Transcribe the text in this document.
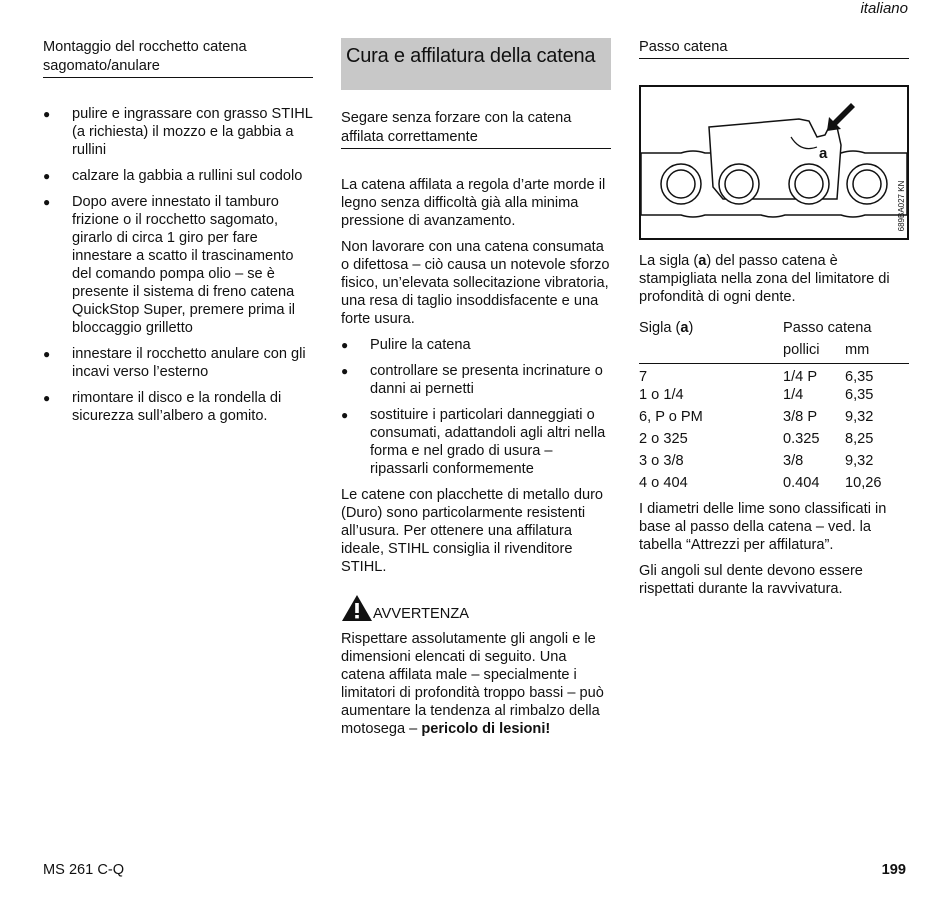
italiano
Montaggio del rocchetto catena sagomato/anulare
● pulire e ingrassare con grasso STIHL (a richiesta) il mozzo e la gabbia a rullini
● calzare la gabbia a rullini sul codolo
● Dopo avere innestato il tamburo frizione o il rocchetto sagomato, girarlo di circa 1 giro per fare innestare a scatto il trascinamento del comando pompa olio – se è presente il sistema di freno catena QuickStop Super, premere prima il bloccaggio grilletto
● innestare il rocchetto anulare con gli incavi verso l’esterno
● rimontare il disco e la rondella di sicurezza sull’albero a gomito.
Cura e affilatura della catena
Segare senza forzare con la catena affilata correttamente

La catena affilata a regola d’arte morde il legno senza difficoltà già alla minima pressione di avanzamento.

Non lavorare con una catena consumata o difettosa – ciò causa un notevole sforzo fisico, un’elevata sollecitazione vibratoria, una resa di taglio insoddisfacente e una forte usura.

● Pulire la catena
● controllare se presenta incrinature o danni ai pernetti
● sostituire i particolari danneggiati o consumati, adattandoli agli altri nella forma e nel grado di usura – ripassarli conformemente

Le catene con placchette di metallo duro (Duro) sono particolarmente resistenti all’usura. Per ottenere una affilatura ideale, STIHL consiglia il rivenditore STIHL.

AVVERTENZA

Rispettare assolutamente gli angoli e le dimensioni elencati di seguito. Una catena affilata male – specialmente i limitatori di profondità troppo bassi – può aumentare la tendenza al rimbalzo della motosega – pericolo di lesioni!

Passo catena
a
689BA027 KN

La sigla (a) del passo catena è stampigliata nella zona del limitatore di profondità di ogni dente.

Sigla (a)	Passo catena	
	pollici	mm
7	1/4 P	6,35
1 o 1/4	1/4	6,35
6, P o PM	3/8 P	9,32
2 o 325	0.325	8,25
3 o 3/8	3/8	9,32
4 o 404	0.404	10,26

I diametri delle lime sono classificati in base al passo della catena – ved. la tabella “Attrezzi per affilatura”.

Gli angoli sul dente devono essere rispettati durante la ravvivatura.

MS 261 C-Q	199
